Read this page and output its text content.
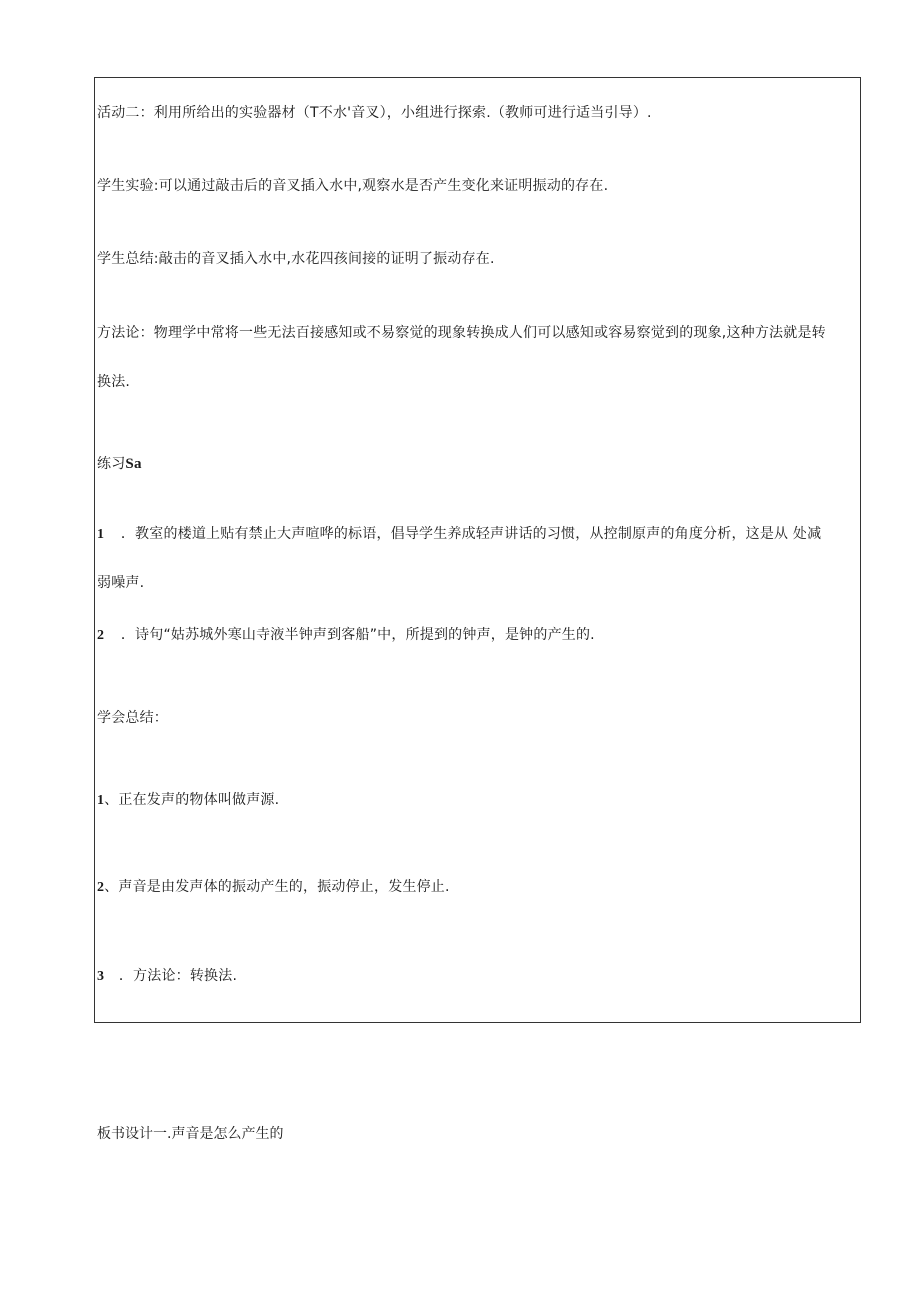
活动二：利用所给出的实验器材（T不水'音叉），小组进行探索.（教师可进行适当引导）.
学生实验:可以通过敲击后的音叉插入水中,观察水是否产生变化来证明振动的存在.
学生总结:敲击的音叉插入水中,水花四孩间接的证明了振动存在.
方法论：物理学中常将一些无法百接感知或不易察觉的现象转换成人们可以感知或容易察觉到的现象,这种方法就是转
换法.
练习Sa
1 ．教室的楼道上贴有禁止大声喧哗的标语，倡导学生养成轻声讲话的习惯，从控制原声的角度分析，这是从 处减
弱噪声.
2 ．诗句“姑苏城外寒山寺液半钟声到客船”中，所提到的钟声，是钟的产生的.
学会总结：
1、正在发声的物体叫做声源.
2、声音是由发声体的振动产生的，振动停止，发生停止.
3 ．方法论：转换法.
板书设计一.声音是怎么产生的
